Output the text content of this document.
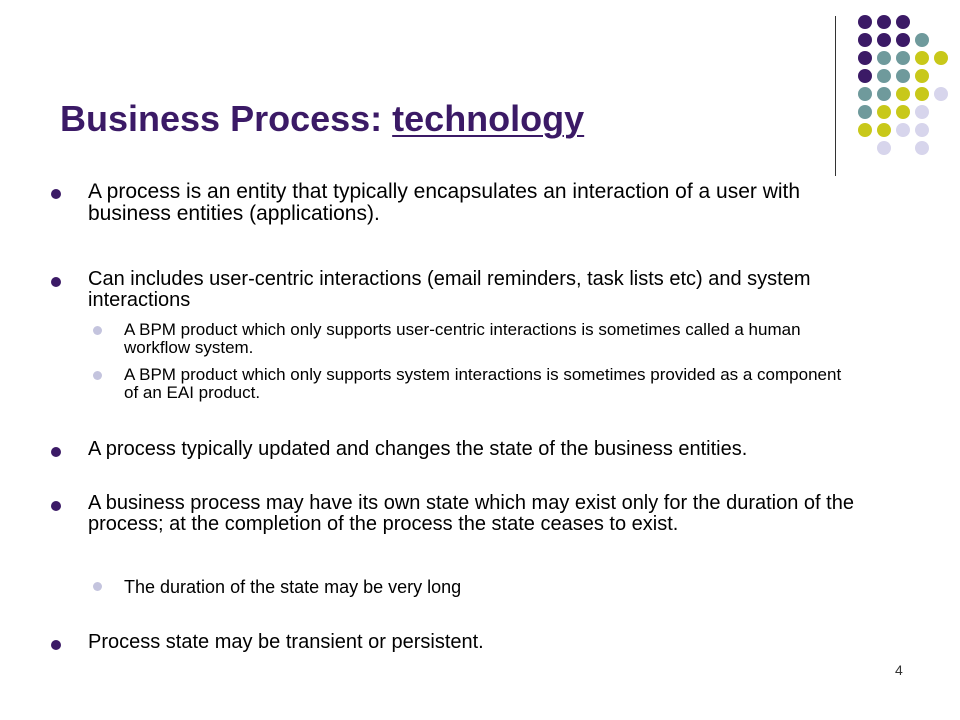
Business Process: technology
A process is an entity that typically encapsulates an interaction of a user with business entities (applications).
Can includes user-centric interactions (email reminders, task lists etc) and system interactions
A BPM product which only supports user-centric interactions is sometimes called a human workflow system.
A BPM product which only supports system interactions is sometimes provided as a component of an EAI product.
A process typically updated and changes the state of the business entities.
A business process may have its own state which may exist only for the duration of the process; at the completion of the process the state ceases to exist.
The duration of the state may be very long
Process state may be transient or persistent.
4
